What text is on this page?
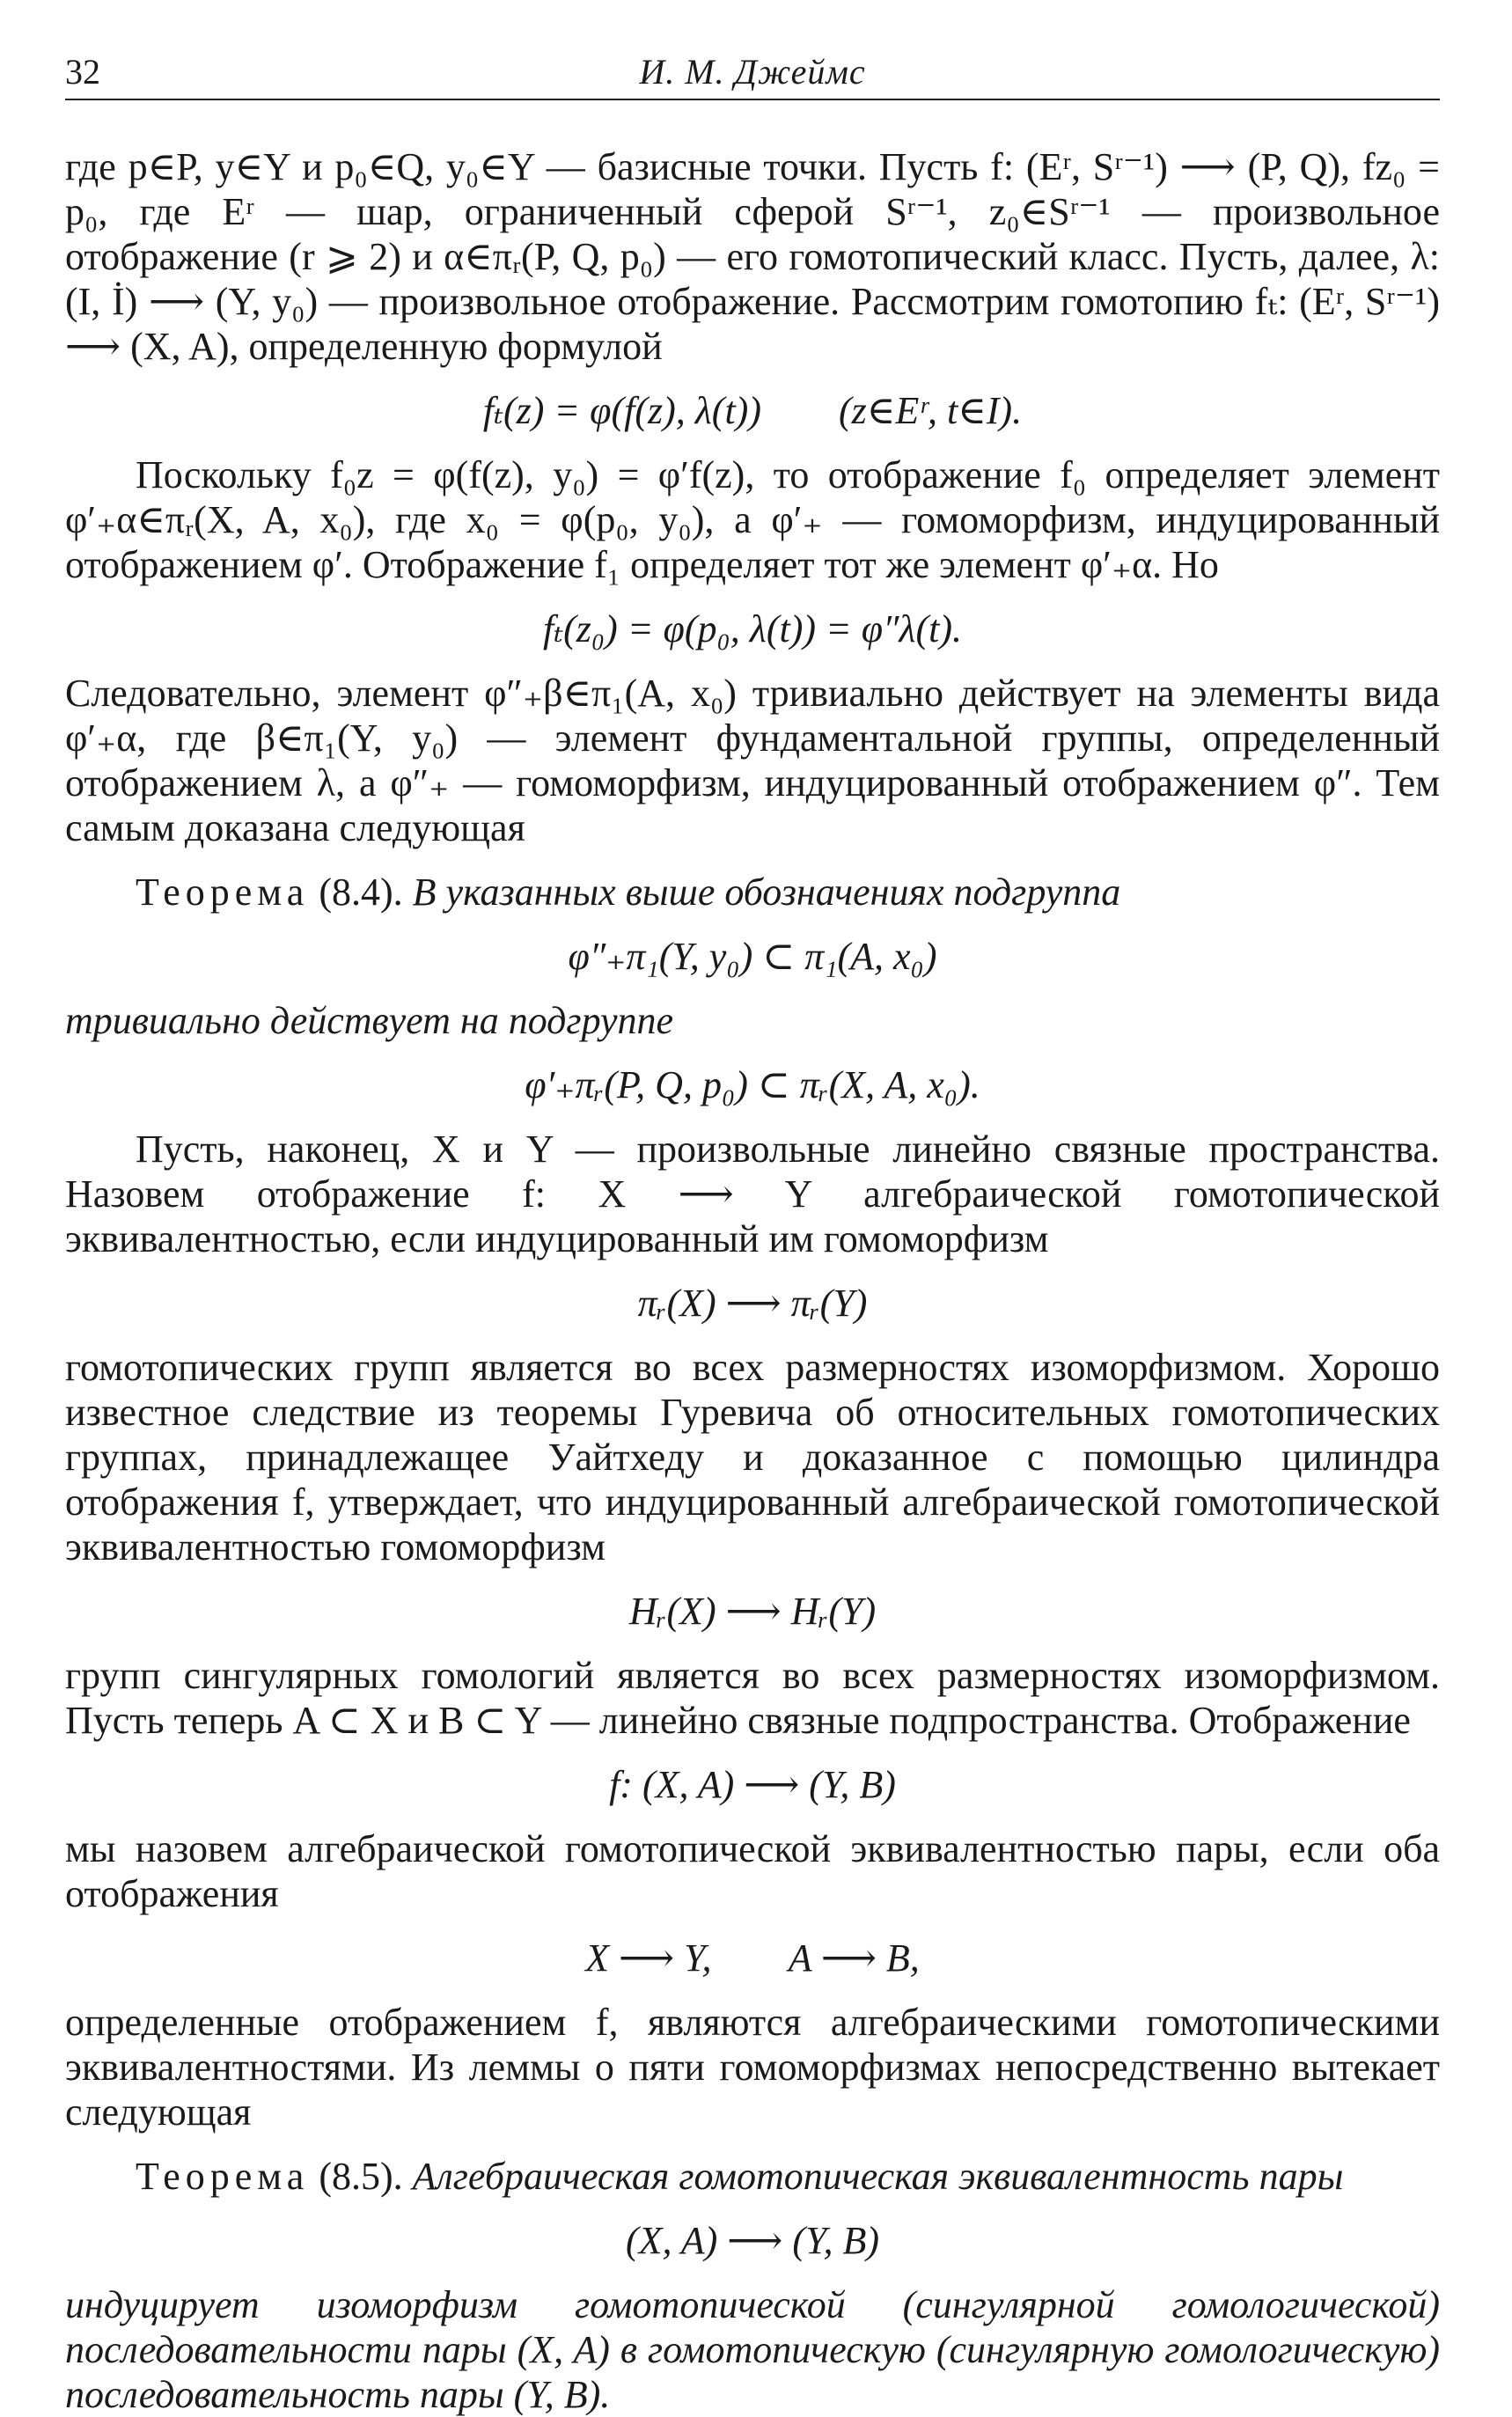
32	И. М. Джеймс

где p∈P, y∈Y и p₀∈Q, y₀∈Y — базисные точки. Пусть f: (Eʳ, Sʳ⁻¹) ⟶ (P, Q), fz₀ = p₀, где Eʳ — шар, ограниченный сферой Sʳ⁻¹, z₀∈Sʳ⁻¹ — произвольное отображение (r ⩾ 2) и α∈πᵣ(P, Q, p₀) — его гомотопический класс. Пусть, далее, λ: (I, İ) ⟶ (Y, y₀) — произвольное отображение. Рассмотрим гомотопию fₜ: (Eʳ, Sʳ⁻¹) ⟶ (X, A), определенную формулой

fₜ(z) = φ(f(z), λ(t))        (z∈Eʳ, t∈I).

Поскольку f₀z = φ(f(z), y₀) = φ′f(z), то отображение f₀ определяет элемент φ′₊α∈πᵣ(X, A, x₀), где x₀ = φ(p₀, y₀), а φ′₊ — гомоморфизм, индуцированный отображением φ′. Отображение f₁ определяет тот же элемент φ′₊α. Но

fₜ(z₀) = φ(p₀, λ(t)) = φ″λ(t).

Следовательно, элемент φ″₊β∈π₁(A, x₀) тривиально действует на элементы вида φ′₊α, где β∈π₁(Y, y₀) — элемент фундаментальной группы, определенный отображением λ, а φ″₊ — гомоморфизм, индуцированный отображением φ″. Тем самым доказана следующая

Теорема (8.4). В указанных выше обозначениях подгруппа

φ″₊π₁(Y, y₀) ⊂ π₁(A, x₀)

тривиально действует на подгруппе

φ′₊πᵣ(P, Q, p₀) ⊂ πᵣ(X, A, x₀).

Пусть, наконец, X и Y — произвольные линейно связные пространства. Назовем отображение f: X ⟶ Y алгебраической гомотопической эквивалентностью, если индуцированный им гомоморфизм

πᵣ(X) ⟶ πᵣ(Y)

гомотопических групп является во всех размерностях изоморфизмом. Хорошо известное следствие из теоремы Гуревича об относительных гомотопических группах, принадлежащее Уайтхеду и доказанное с помощью цилиндра отображения f, утверждает, что индуцированный алгебраической гомотопической эквивалентностью гомоморфизм

Hᵣ(X) ⟶ Hᵣ(Y)

групп сингулярных гомологий является во всех размерностях изоморфизмом. Пусть теперь A ⊂ X и B ⊂ Y — линейно связные подпространства. Отображение

f: (X, A) ⟶ (Y, B)

мы назовем алгебраической гомотопической эквивалентностью пары, если оба отображения

X ⟶ Y,        A ⟶ B,

определенные отображением f, являются алгебраическими гомотопическими эквивалентностями. Из леммы о пяти гомоморфизмах непосредственно вытекает следующая

Теорема (8.5). Алгебраическая гомотопическая эквивалентность пары

(X, A) ⟶ (Y, B)

индуцирует изоморфизм гомотопической (сингулярной гомологической) последовательности пары (X, A) в гомотопическую (сингулярную гомологическую) последовательность пары (Y, B).
